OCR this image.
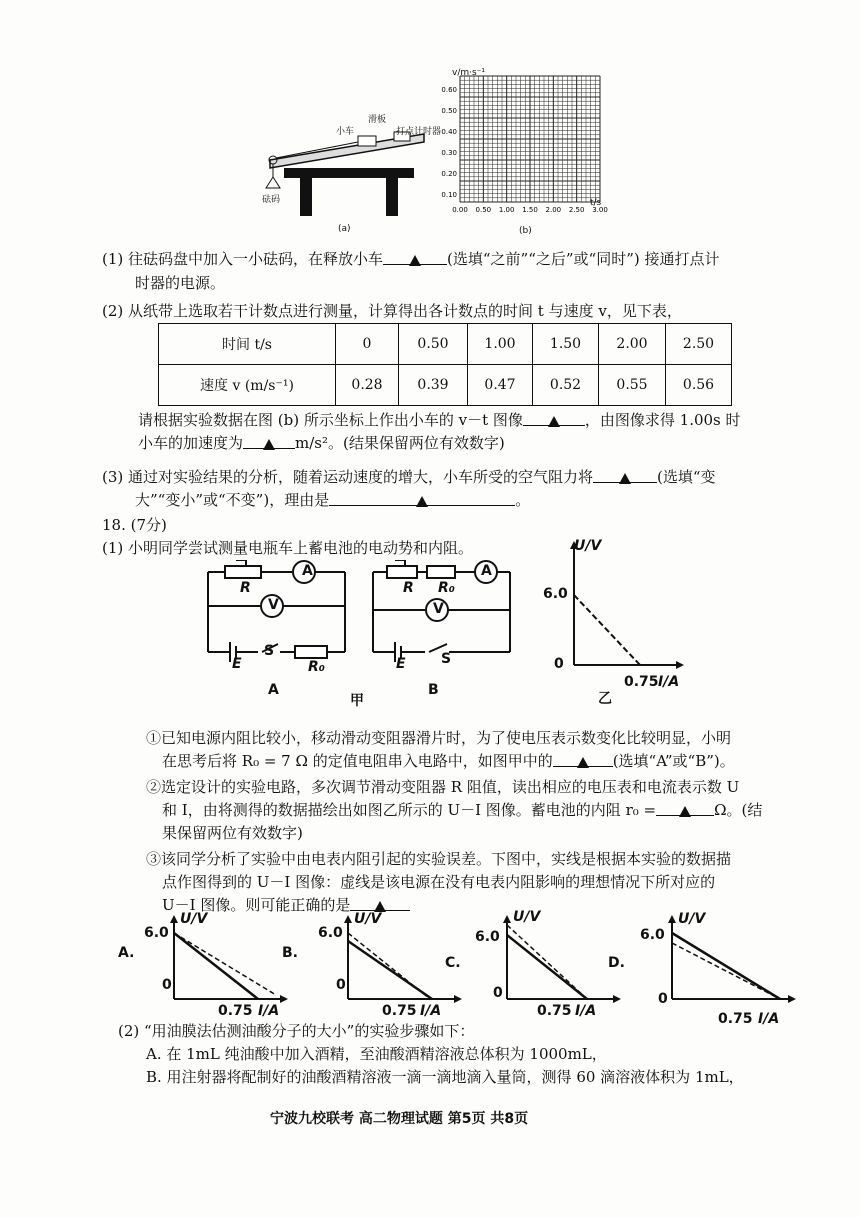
滑板
小车	打点计时器
砝码
(a)
0.60
0.50
0.40
0.30
0.20
0.10
0.00 0.50 1.00 1.50 2.00 2.50 3.00
v/m·s⁻¹
t/s
(b)
(1) 往砝码盘中加入一小砝码，在释放小车	(选填“之前”“之后”或“同时”) 接通打点计
时器的电源。
(2) 从纸带上选取若干计数点进行测量，计算得出各计数点的时间 t 与速度 v，见下表，
时间 t/s	0	0.50	1.00	1.50	2.00	2.50
速度 v (m/s⁻¹)	0.28	0.39	0.47	0.52	0.55	0.56
请根据实验数据在图 (b) 所示坐标上作出小车的 v－t 图像	，由图像求得 1.00s 时
小车的加速度为	m/s²。(结果保留两位有效数字)
(3) 通过对实验结果的分析，随着运动速度的增大，小车所受的空气阻力将	(选填“变
大”“变小”或“不变”)，理由是	。
18. (7分)
(1) 小明同学尝试测量电瓶车上蓄电池的电动势和内阻。
A
V
R
E
S
R₀
A
A
V
R R₀
E	S
B
甲
U/V
6.0
0
0.75 I/A
乙
①已知电源内阻比较小，移动滑动变阻器滑片时，为了使电压表示数变化比较明显，小明
在思考后将 R₀ = 7 Ω 的定值电阻串入电路中，如图甲中的	(选填“A”或“B”)。
②选定设计的实验电路，多次调节滑动变阻器 R 阻值，读出相应的电压表和电流表示数 U
和 I，由将测得的数据描绘出如图乙所示的 U－I 图像。蓄电池的内阻 r₀ =	Ω。(结
果保留两位有效数字)
③该同学分析了实验中由电表内阻引起的实验误差。下图中，实线是根据本实验的数据描
点作图得到的 U－I 图像：虚线是该电源在没有电表内阻影响的理想情况下所对应的
U－I 图像。则可能正确的是
A.
U/V
6.0
0
0.75 I/A
B.
U/V
6.0
0
0.75 I/A
C.
U/V
6.0
0
0.75 I/A
D.
U/V
6.0
0
0.75 I/A
(2) “用油膜法估测油酸分子的大小”的实验步骤如下：
A. 在 1mL 纯油酸中加入酒精，至油酸酒精溶液总体积为 1000mL，
B. 用注射器将配制好的油酸酒精溶液一滴一滴地滴入量筒，测得 60 滴溶液体积为 1mL，
宁波九校联考 高二物理试题 第5页 共8页
